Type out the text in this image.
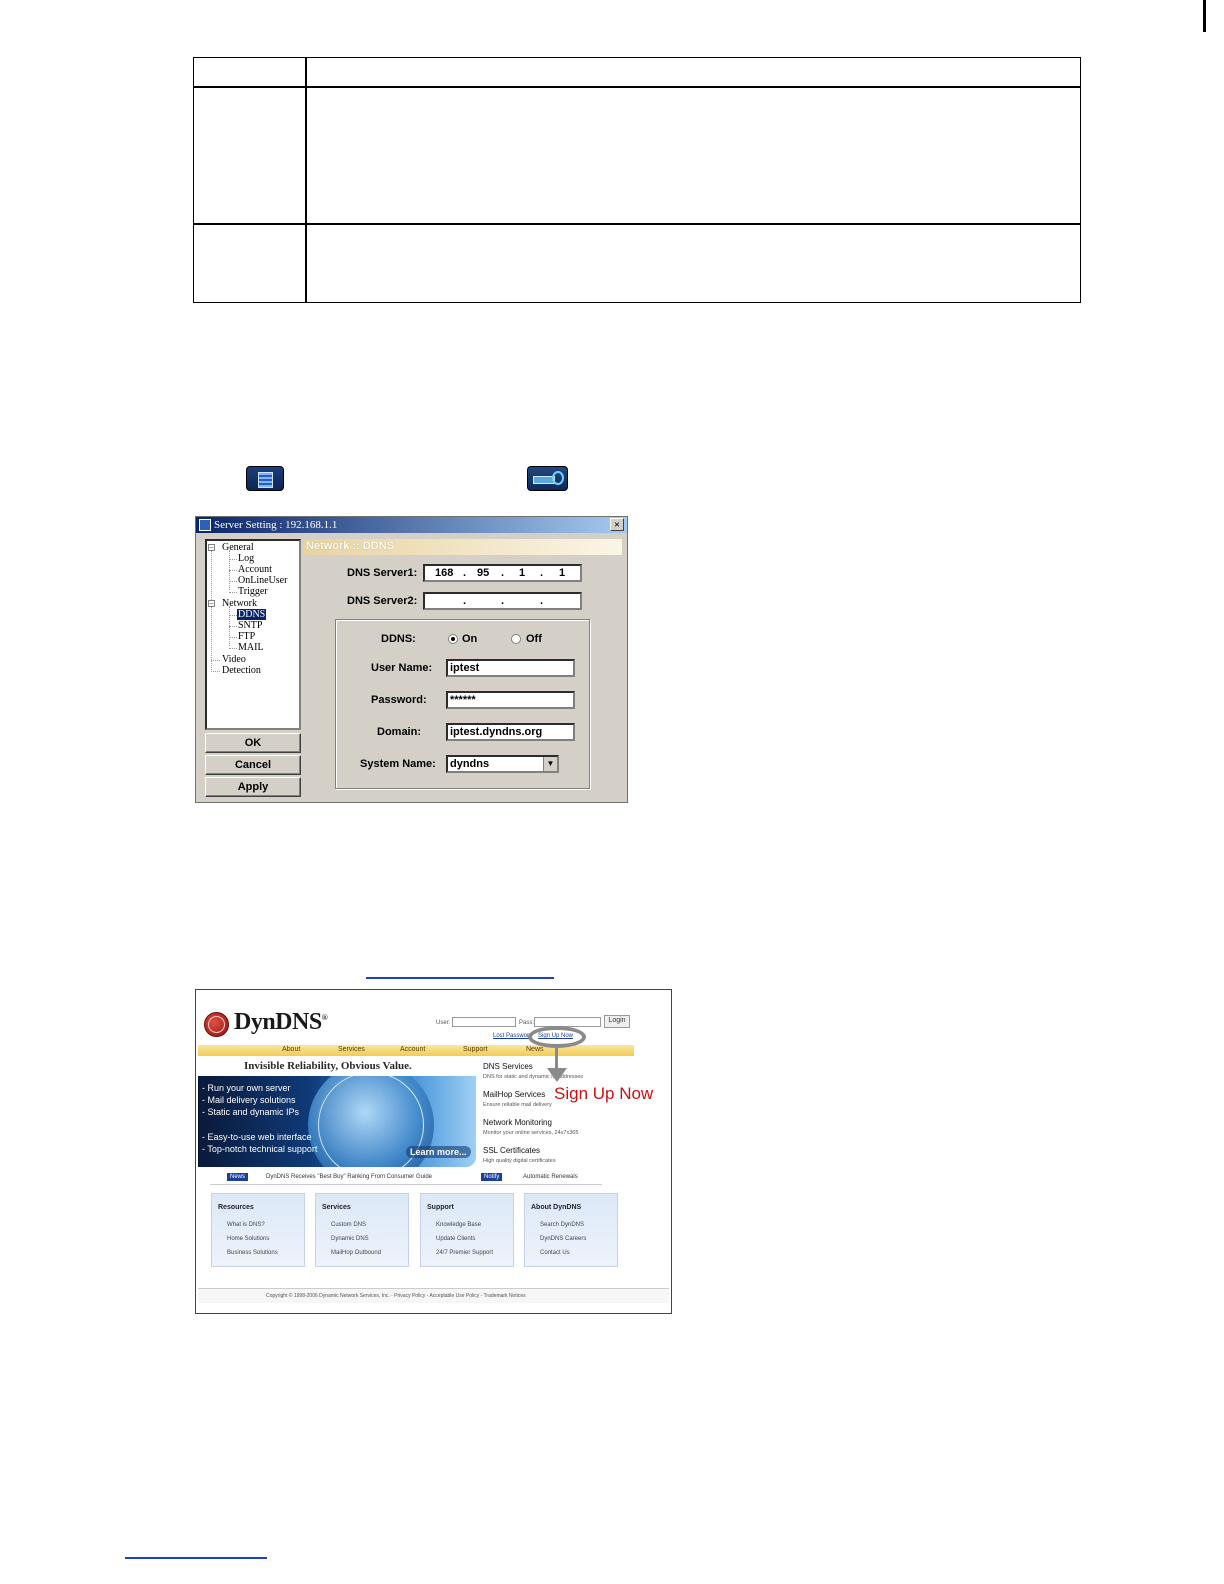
Server Setting : 192.168.1.1	×
− General
Log
Account
OnLineUser
Trigger
− Network
DDNS
SNTP
FTP
MAIL
Video
Detection
OK
Cancel
Apply
Network :: DDNS
DNS Server1: 168 . 95 . 1 . 1
DNS Server2:	.	.	.
DDNS:	On	Off
User Name:	iptest
Password:	******
Domain:	iptest.dyndns.org
System Name:	dyndns	▼
DynDNS®
User:	Pass:	Login
Lost Password Sign Up Now
About	Services	Account	Support	News
Invisible Reliability, Obvious Value.
- Run your own server
- Mail delivery solutions
- Static and dynamic IPs
- Easy-to-use web interface
- Top-notch technical support	Learn more...
DNS Services
DNS for static and dynamic IP addresses
MailHop Services
Ensure reliable mail delivery
Network Monitoring
Monitor your online services, 24x7x365
SSL Certificates
High quality digital certificates
Sign Up Now
News	DynDNS Receives "Best Buy" Ranking From Consumer Guide	Notify	Automatic Renewals
Resources
What is DNS?
Home Solutions
Business Solutions
Services
Custom DNS
Dynamic DNS
MailHop Outbound
Support
Knowledge Base
Update Clients
24/7 Premier Support
About DynDNS
Search DynDNS
DynDNS Careers
Contact Us
Copyright © 1998-2006 Dynamic Network Services, Inc. - Privacy Policy - Acceptable Use Policy - Trademark Notices
